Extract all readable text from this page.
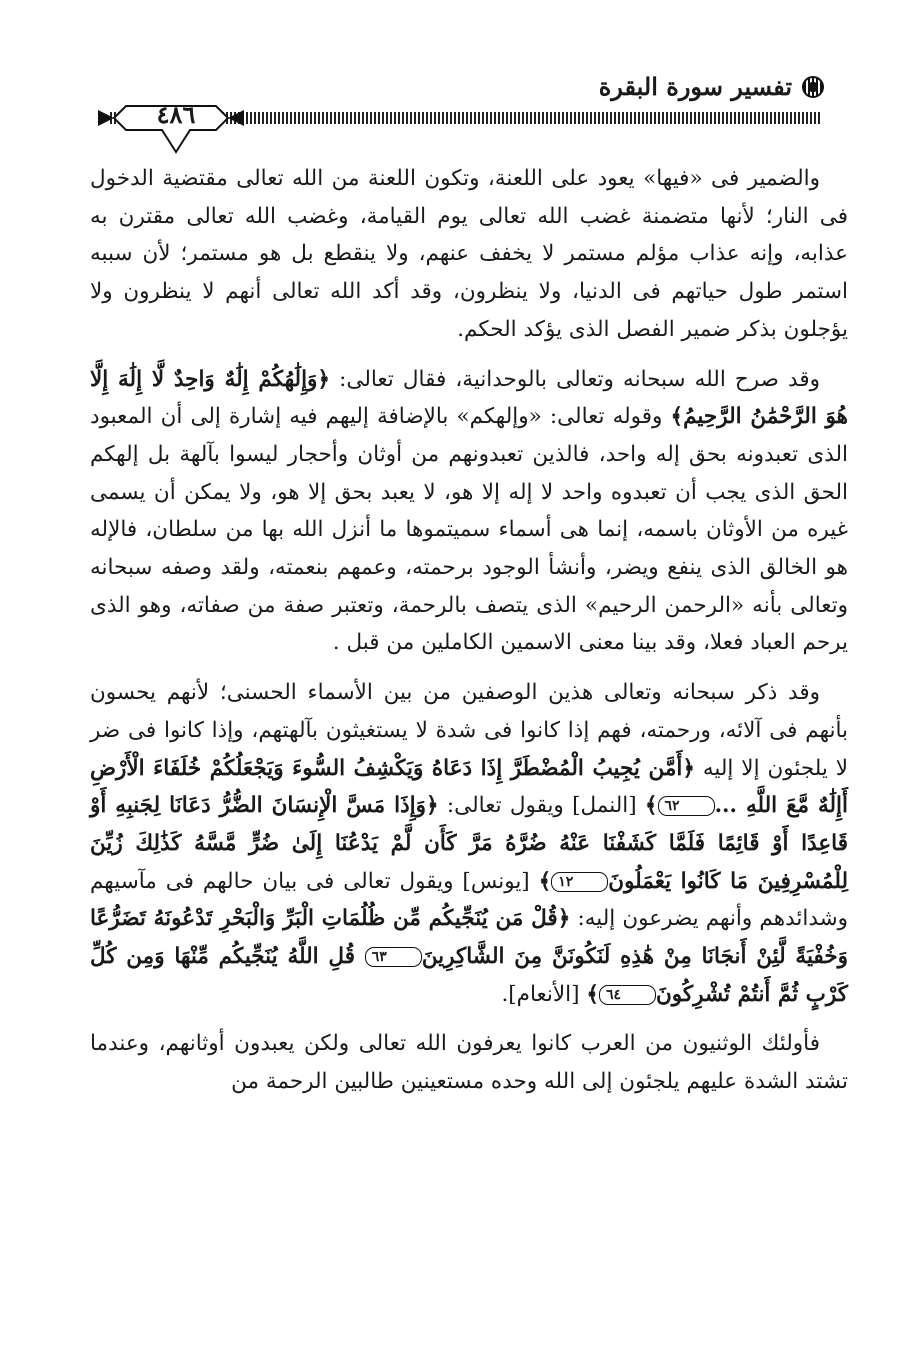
تفسير سورة البقرة
٤٨٦

والضمير فى «فيها» يعود على اللعنة، وتكون اللعنة من الله تعالى مقتضية الدخول فى النار؛ لأنها متضمنة غضب الله تعالى يوم القيامة، وغضب الله تعالى مقترن به عذابه، وإنه عذاب مؤلم مستمر لا يخفف عنهم، ولا ينقطع بل هو مستمر؛ لأن سببه استمر طول حياتهم فى الدنيا، ولا ينظرون، وقد أكد الله تعالى أنهم لا ينظرون ولا يؤجلون بذكر ضمير الفصل الذى يؤكد الحكم.

وقد صرح الله سبحانه وتعالى بالوحدانية، فقال تعالى: ﴿وَإِلَٰهُكُمْ إِلَٰهٌ وَاحِدٌ لَّا إِلَٰهَ إِلَّا هُوَ الرَّحْمَٰنُ الرَّحِيمُ﴾ وقوله تعالى: «وإلهكم» بالإضافة إليهم فيه إشارة إلى أن المعبود الذى تعبدونه بحق إله واحد، فالذين تعبدونهم من أوثان وأحجار ليسوا بآلهة بل إلهكم الحق الذى يجب أن تعبدوه واحد لا إله إلا هو، لا يعبد بحق إلا هو، ولا يمكن أن يسمى غيره من الأوثان باسمه، إنما هى أسماء سميتموها ما أنزل الله بها من سلطان، فالإله هو الخالق الذى ينفع ويضر، وأنشأ الوجود برحمته، وعمهم بنعمته، ولقد وصفه سبحانه وتعالى بأنه «الرحمن الرحيم» الذى يتصف بالرحمة، وتعتبر صفة من صفاته، وهو الذى يرحم العباد فعلا، وقد بينا معنى الاسمين الكاملين من قبل .

وقد ذكر سبحانه وتعالى هذين الوصفين من بين الأسماء الحسنى؛ لأنهم يحسون بأنهم فى آلائه، ورحمته، فهم إذا كانوا فى شدة لا يستغيثون بآلهتهم، وإذا كانوا فى ضر لا يلجئون إلا إليه ﴿أَمَّن يُجِيبُ الْمُضْطَرَّ إِذَا دَعَاهُ وَيَكْشِفُ السُّوءَ وَيَجْعَلُكُمْ خُلَفَاءَ الْأَرْضِ أَإِلَٰهٌ مَّعَ اللَّهِ ...٦٢﴾ [النمل] ويقول تعالى: ﴿وَإِذَا مَسَّ الْإِنسَانَ الضُّرُّ دَعَانَا لِجَنبِهِ أَوْ قَاعِدًا أَوْ قَائِمًا فَلَمَّا كَشَفْنَا عَنْهُ ضُرَّهُ مَرَّ كَأَن لَّمْ يَدْعُنَا إِلَىٰ ضُرٍّ مَّسَّهُ كَذَٰلِكَ زُيِّنَ لِلْمُسْرِفِينَ مَا كَانُوا يَعْمَلُونَ١٢﴾ [يونس] ويقول تعالى فى بيان حالهم فى مآسيهم وشدائدهم وأنهم يضرعون إليه: ﴿قُلْ مَن يُنَجِّيكُم مِّن ظُلُمَاتِ الْبَرِّ وَالْبَحْرِ تَدْعُونَهُ تَضَرُّعًا وَخُفْيَةً لَّئِنْ أَنجَانَا مِنْ هَٰذِهِ لَنَكُونَنَّ مِنَ الشَّاكِرِينَ٦٣ قُلِ اللَّهُ يُنَجِّيكُم مِّنْهَا وَمِن كُلِّ كَرْبٍ ثُمَّ أَنتُمْ تُشْرِكُونَ٦٤﴾ [الأنعام].

فأولئك الوثنيون من العرب كانوا يعرفون الله تعالى ولكن يعبدون أوثانهم، وعندما تشتد الشدة عليهم يلجئون إلى الله وحده مستعينين طالبين الرحمة من
